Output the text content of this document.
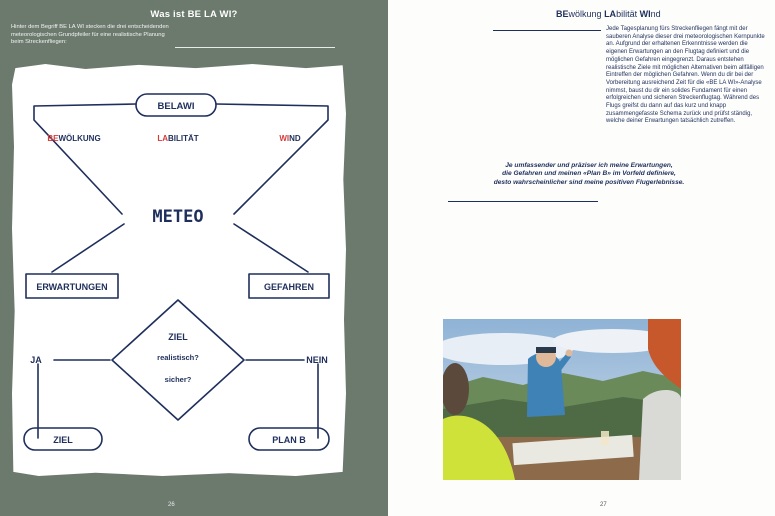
Was ist BE LA WI?
Hinter dem Begriff BE LA WI stecken die drei entscheidenden meteorologischen Grundpfeiler für eine realistische Planung beim Streckenfliegen:
BELAWI
BEWÖLKUNG	LABILITÄT	WIND
METEO
ERWARTUNGEN	GEFAHREN
ZIEL
realistisch?
sicher?
JA	NEIN
ZIEL	PLAN B
26
BEwölkung LAbilität WInd
Jede Tagesplanung fürs Streckenfliegen fängt mit der sauberen Analyse dieser drei meteorologischen Kernpunkte an. Aufgrund der erhaltenen Erkenntnisse werden die eigenen Erwartungen an den Flugtag definiert und die möglichen Gefahren eingegrenzt. Daraus entstehen realistische Ziele mit möglichen Alternativen beim allfälligen Eintreffen der möglichen Gefahren. Wenn du dir bei der Vorbereitung ausreichend Zeit für die «BE LA WI»-Analyse nimmst, baust du dir ein solides Fundament für einen erfolgreichen und sicheren Streckenflugtag. Während des Flugs greifst du dann auf das kurz und knapp zusammengefasste Schema zurück und prüfst ständig, welche deiner Erwartungen tatsächlich zutreffen.
Je umfassender und präziser ich meine Erwartungen,
die Gefahren und meinen «Plan B» im Vorfeld definiere,
desto wahrscheinlicher sind meine positiven Flugerlebnisse.
27
